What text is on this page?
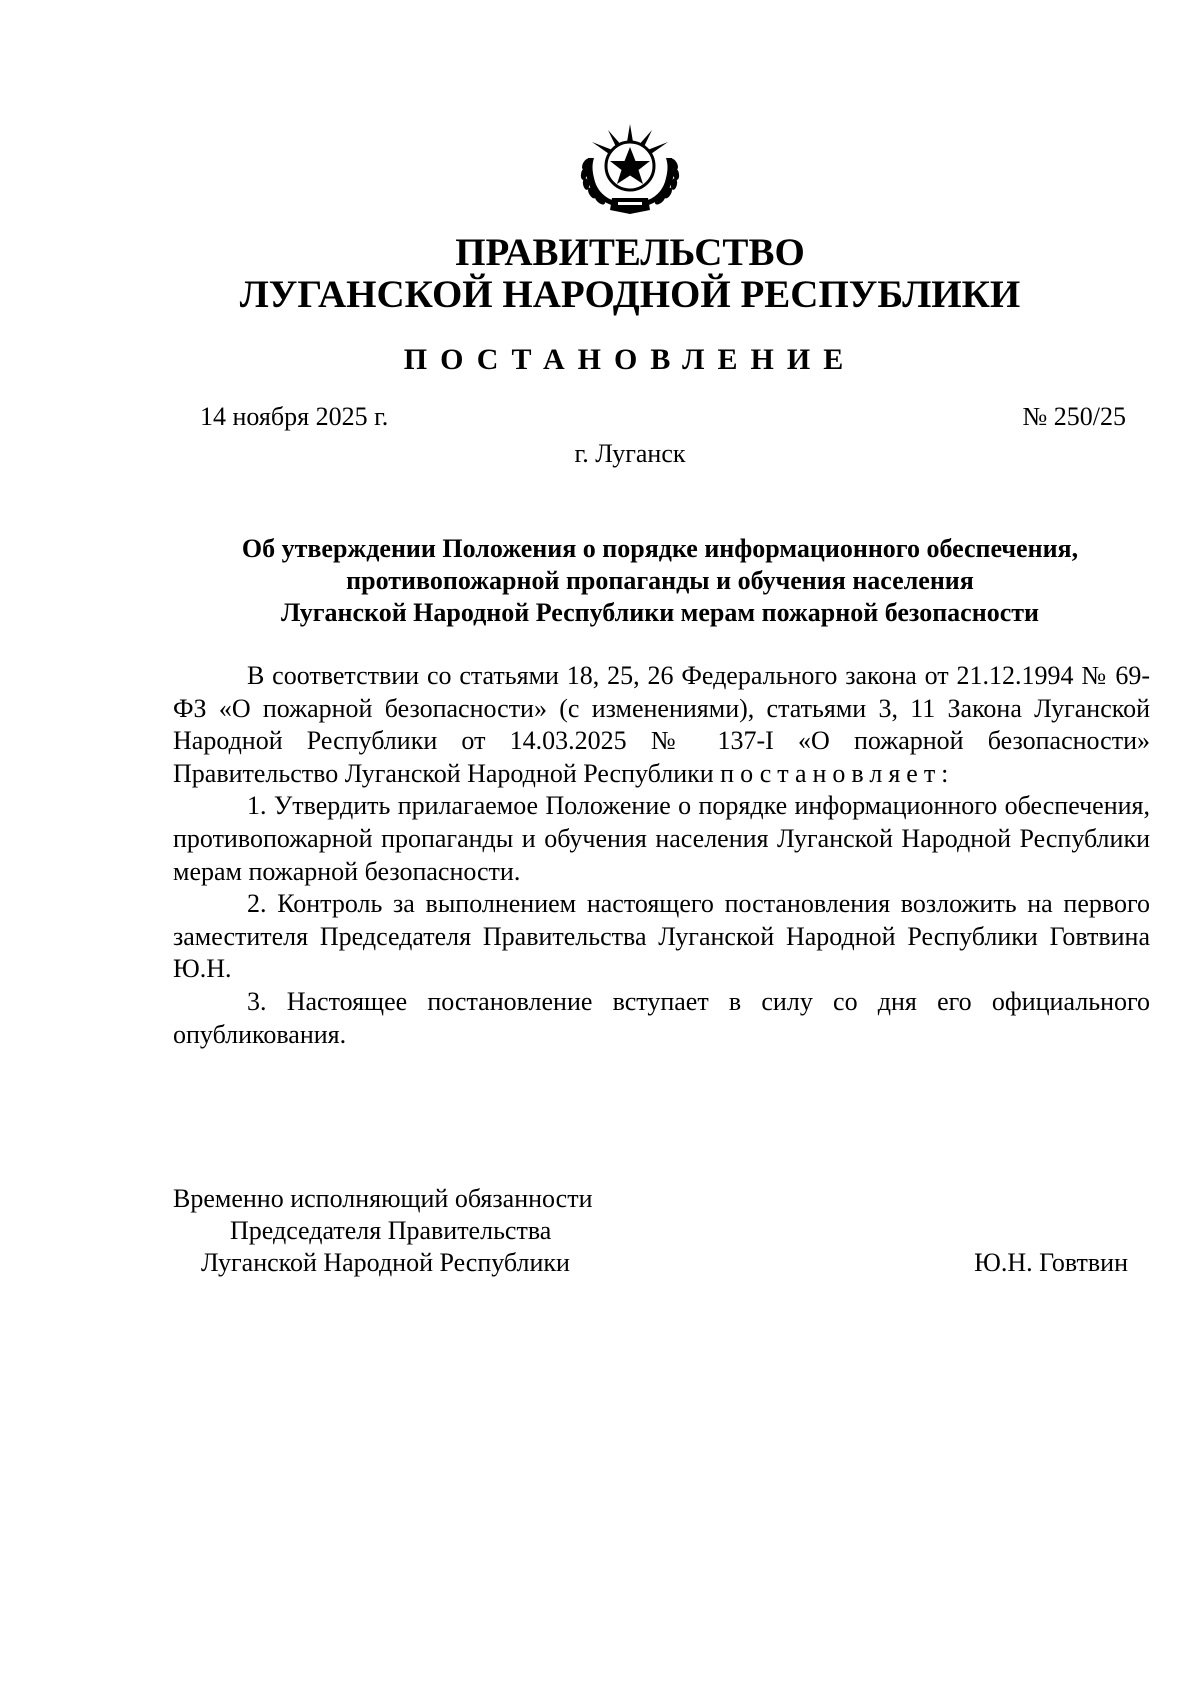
ПРАВИТЕЛЬСТВО
ЛУГАНСКОЙ НАРОДНОЙ РЕСПУБЛИКИ
ПОСТАНОВЛЕНИЕ
14 ноября 2025 г.	№ 250/25
г. Луганск
Об утверждении Положения о порядке информационного обеспечения,
противопожарной пропаганды и обучения населения
Луганской Народной Республики мерам пожарной безопасности

В соответствии со статьями 18, 25, 26 Федерального закона от 21.12.1994 № 69-ФЗ «О пожарной безопасности» (с изменениями), статьями 3, 11 Закона Луганской Народной Республики от 14.03.2025 № 137-I «О пожарной безопасности» Правительство Луганской Народной Республики постановляет:

1. Утвердить прилагаемое Положение о порядке информационного обеспечения, противопожарной пропаганды и обучения населения Луганской Народной Республики мерам пожарной безопасности.

2. Контроль за выполнением настоящего постановления возложить на первого заместителя Председателя Правительства Луганской Народной Республики Говтвина Ю.Н.

3. Настоящее постановление вступает в силу со дня его официального опубликования.

Временно исполняющий обязанности
Председателя Правительства
Луганской Народной Республики	Ю.Н. Говтвин
